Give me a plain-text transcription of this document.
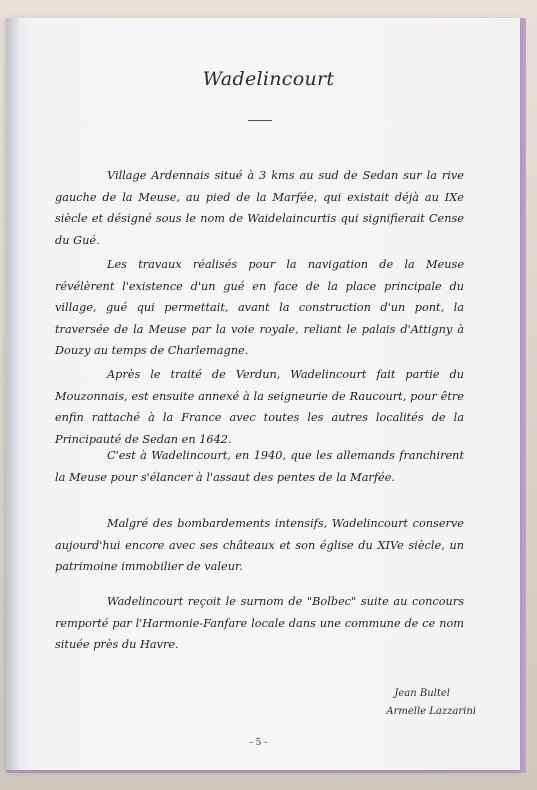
Wadelincourt

Village Ardennais situé à 3 kms au sud de Sedan sur la rive gauche de la Meuse, au pied de la Marfée, qui existait déjà au IXe siècle et désigné sous le nom de Waidelaincurtis qui signifierait Cense du Gué.

Les travaux réalisés pour la navigation de la Meuse révélèrent l'existence d'un gué en face de la place principale du village, gué qui permettait, avant la construction d'un pont, la traversée de la Meuse par la voie royale, reliant le palais d'Attigny à Douzy au temps de Charlemagne.

Après le traité de Verdun, Wadelincourt fait partie du Mouzonnais, est ensuite annexé à la seigneurie de Raucourt, pour être enfin rattaché à la France avec toutes les autres localités de la Principauté de Sedan en 1642.

C'est à Wadelincourt, en 1940, que les allemands franchirent la Meuse pour s'élancer à l'assaut des pentes de la Marfée.

Malgré des bombardements intensifs, Wadelincourt conserve aujourd'hui encore avec ses châteaux et son église du XIVe siècle, un patrimoine immobilier de valeur.

Wadelincourt reçoit le surnom de "Bolbec" suite au concours remporté par l'Harmonie-Fanfare locale dans une commune de ce nom située près du Havre.

Jean Bultel
Armelle Lazzarini
- 5 -
